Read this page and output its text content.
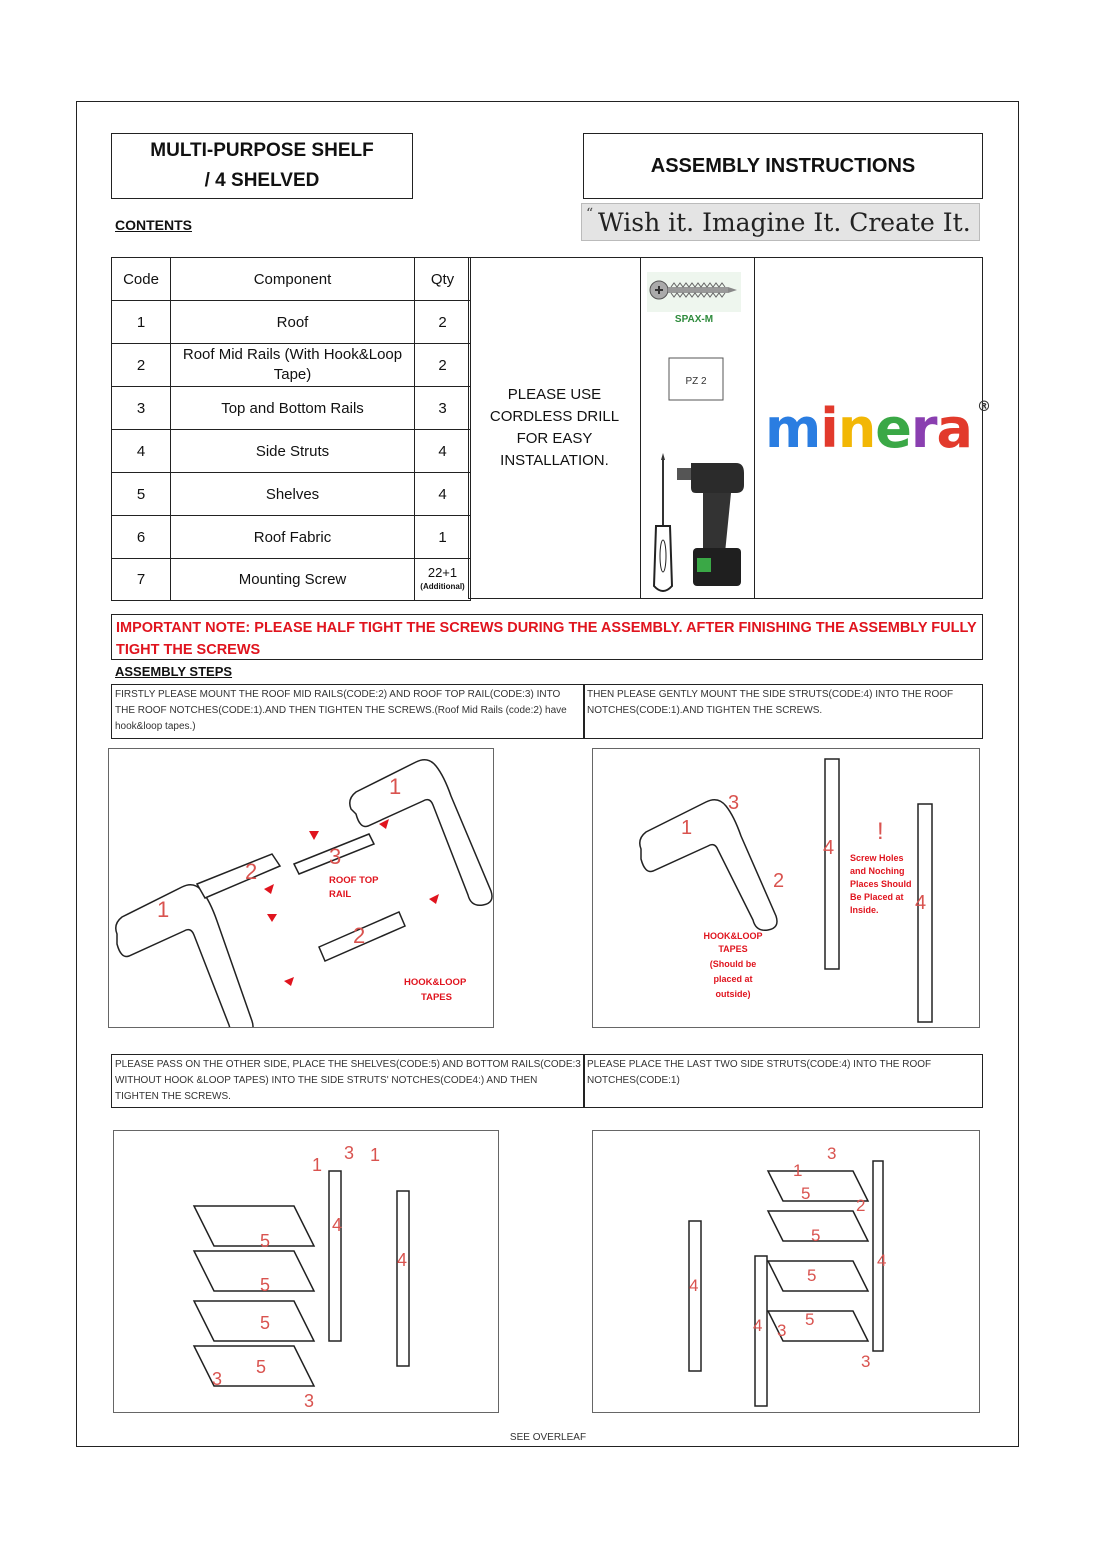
MULTI-PURPOSE SHELF
/ 4 SHELVED
ASSEMBLY INSTRUCTIONS
CONTENTS
“ Wish it. Imagine It. Create It.
Code	Component	Qty
1	Roof	2
2	Roof Mid Rails (With Hook&Loop Tape)	2
3	Top and Bottom Rails	3
4	Side Struts	4
5	Shelves	4
6	Roof Fabric	1
7	Mounting Screw	22+1
(Additional)
PLEASE USE CORDLESS DRILL FOR EASY INSTALLATION.
SPAX-M
PZ 2
minera ®
IMPORTANT NOTE: PLEASE HALF TIGHT THE SCREWS DURING THE ASSEMBLY. AFTER FINISHING THE ASSEMBLY FULLY TIGHT THE SCREWS
ASSEMBLY STEPS
FIRSTLY PLEASE MOUNT THE ROOF MID RAILS(CODE:2) AND ROOF TOP RAIL(CODE:3) INTO THE ROOF NOTCHES(CODE:1).AND THEN TIGHTEN THE SCREWS.(Roof Mid Rails (code:2) have hook&loop tapes.)
THEN PLEASE GENTLY MOUNT THE SIDE STRUTS(CODE:4) INTO THE ROOF NOTCHES(CODE:1).AND TIGHTEN THE SCREWS.
1
1
2
2
3
ROOF TOP
RAIL
HOOK&LOOP
TAPES
1
3
2
4
4
!
Screw Holes
and Noching
Places Should
Be Placed at
Inside.
HOOK&LOOP
TAPES
(Should be
placed at
outside)
PLEASE PASS ON THE OTHER SIDE, PLACE THE SHELVES(CODE:5) AND BOTTOM RAILS(CODE:3 WITHOUT HOOK &LOOP TAPES) INTO THE SIDE STRUTS' NOTCHES(CODE4:) AND THEN TIGHTEN THE SCREWS.
PLEASE PLACE THE LAST TWO SIDE STRUTS(CODE:4) INTO THE ROOF NOTCHES(CODE:1)
5
5
5
5
4
4
3
3
3
1	1
4
4
4
5
5
5
5
2
3
3
3
1
SEE OVERLEAF
